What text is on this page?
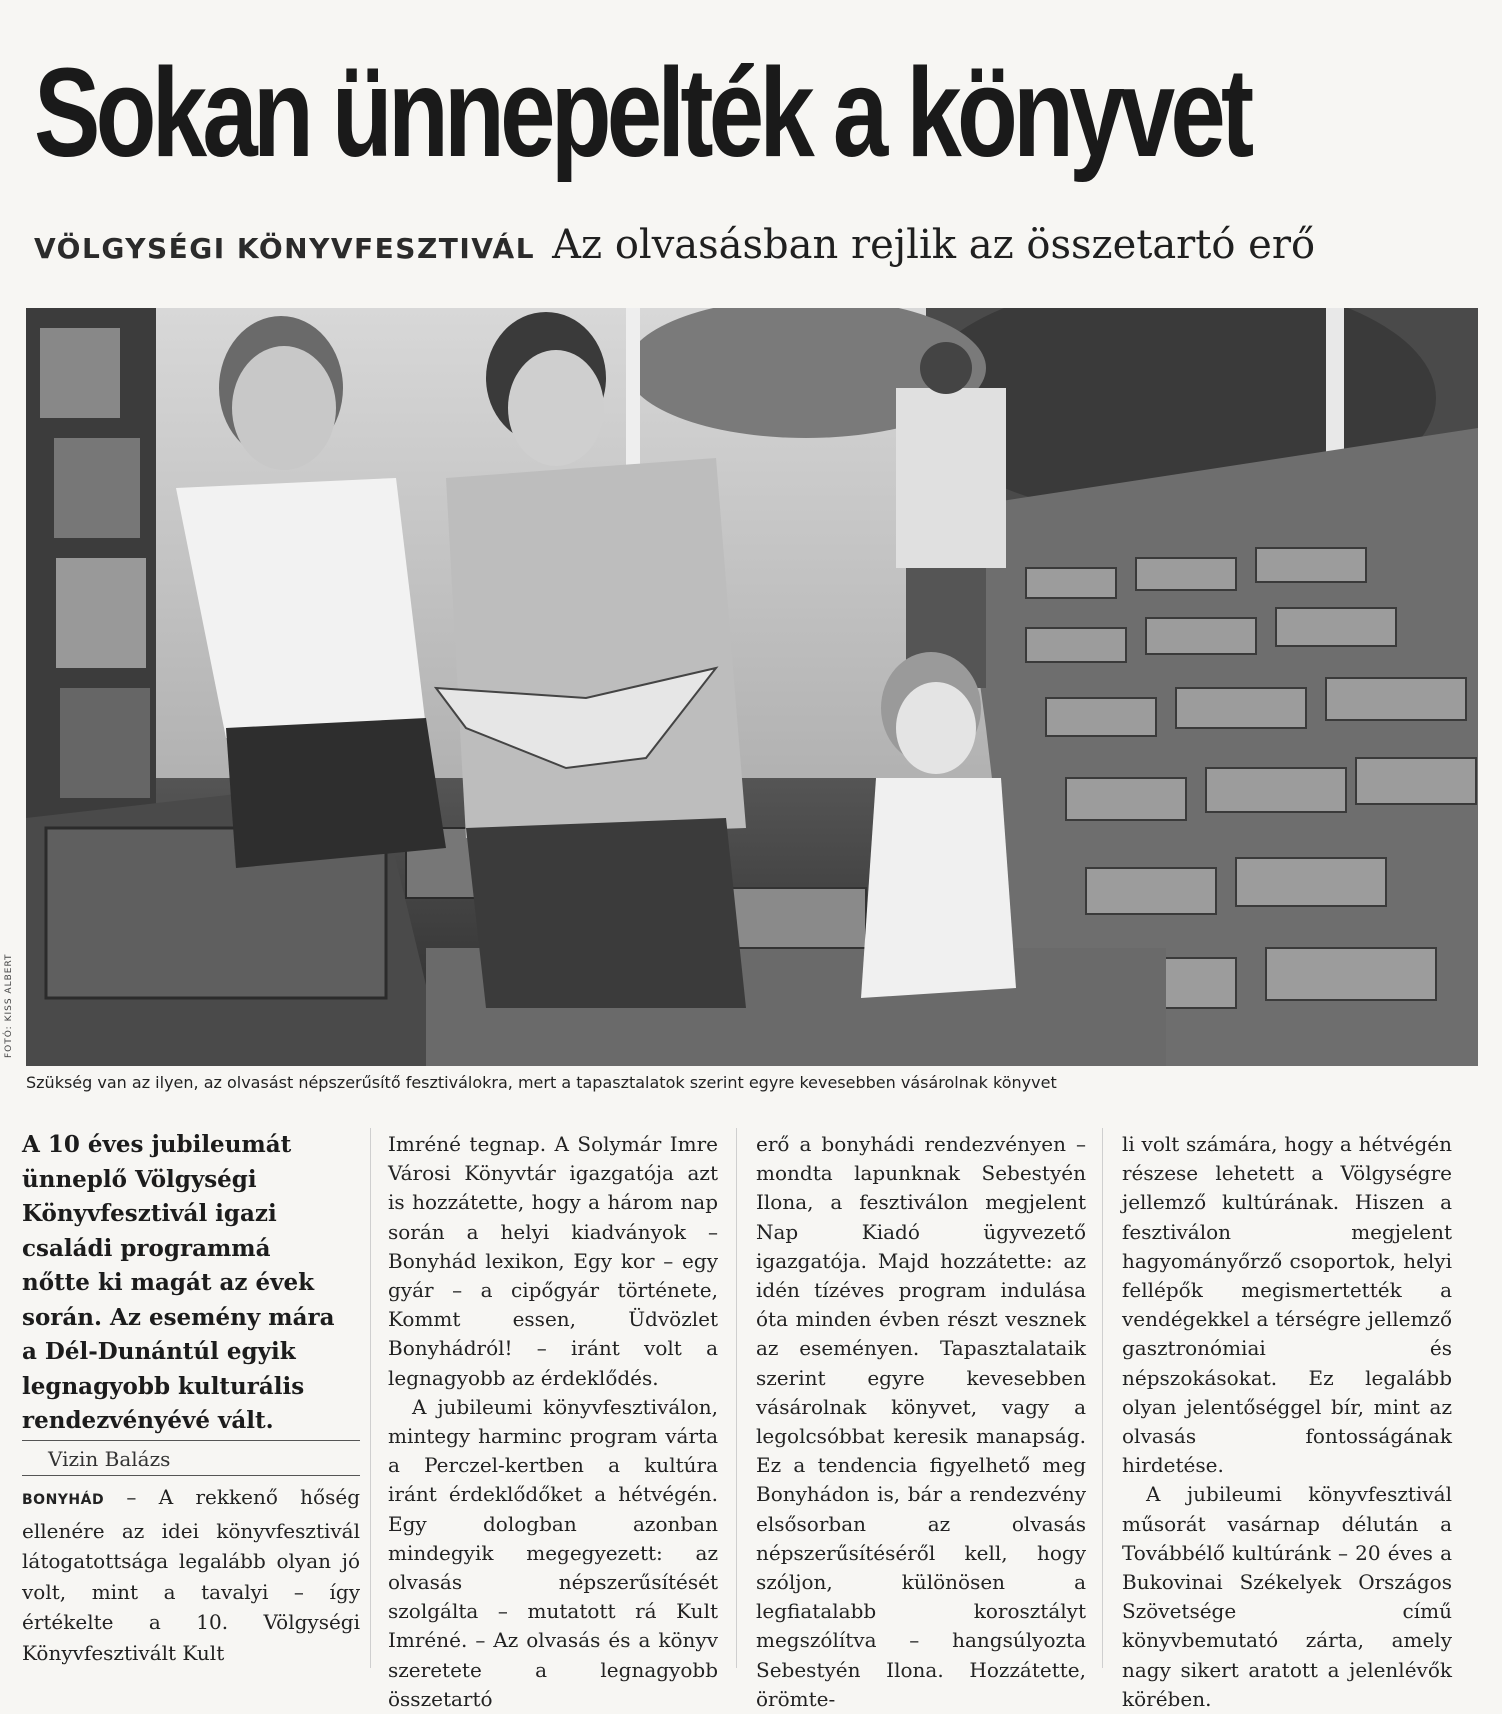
Sokan ünnepelték a könyvet
VÖLGYSÉGI KÖNYVFESZTIVÁL Az olvasásban rejlik az összetartó erő
FOTÓ: KISS ALBERT
Szükség van az ilyen, az olvasást népszerűsítő fesztiválokra, mert a tapasztalatok szerint egyre kevesebben vásárolnak könyvet

A 10 éves jubileumát ünneplő Völgységi Könyvfesztivál igazi családi programmá nőtte ki magát az évek során. Az esemény mára a Dél-Dunántúl egyik legnagyobb kulturális rendezvényévé vált.

Vizin Balázs

BONYHÁD – A rekkenő hőség ellenére az idei könyvfesztivál látogatottsága legalább olyan jó volt, mint a tavalyi – így értékelte a 10. Völgységi Könyvfesztivált Kult

Imréné tegnap. A Solymár Imre Városi Könyvtár igazgatója azt is hozzátette, hogy a három nap során a helyi kiadványok – Bonyhád lexikon, Egy kor – egy gyár – a cipőgyár története, Kommt essen, Üdvözlet Bonyhádról! – iránt volt a legnagyobb az érdeklődés.

A jubileumi könyvfesztiválon, mintegy harminc program várta a Perczel-kertben a kultúra iránt érdeklődőket a hétvégén. Egy dologban azonban mindegyik megegyezett: az olvasás népszerűsítését szolgálta – mutatott rá Kult Imréné. – Az olvasás és a könyv szeretete a legnagyobb összetartó

erő a bonyhádi rendezvényen – mondta lapunknak Sebestyén Ilona, a fesztiválon megjelent Nap Kiadó ügyvezető igazgatója. Majd hozzátette: az idén tízéves program indulása óta minden évben részt vesznek az eseményen. Tapasztalataik szerint egyre kevesebben vásárolnak könyvet, vagy a legolcsóbbat keresik manapság. Ez a tendencia figyelhető meg Bonyhádon is, bár a rendezvény elsősorban az olvasás népszerűsítéséről kell, hogy szóljon, különösen a legfiatalabb korosztályt megszólítva – hangsúlyozta Sebestyén Ilona. Hozzátette, örömte-

li volt számára, hogy a hétvégén részese lehetett a Völgységre jellemző kultúrának. Hiszen a fesztiválon megjelent hagyományőrző csoportok, helyi fellépők megismertették a vendégekkel a térségre jellemző gasztronómiai és népszokásokat. Ez legalább olyan jelentőséggel bír, mint az olvasás fontosságának hirdetése.

A jubileumi könyvfesztivál műsorát vasárnap délután a Továbbélő kultúránk – 20 éves a Bukovinai Székelyek Országos Szövetsége című könyvbemutató zárta, amely nagy sikert aratott a jelenlévők körében.
